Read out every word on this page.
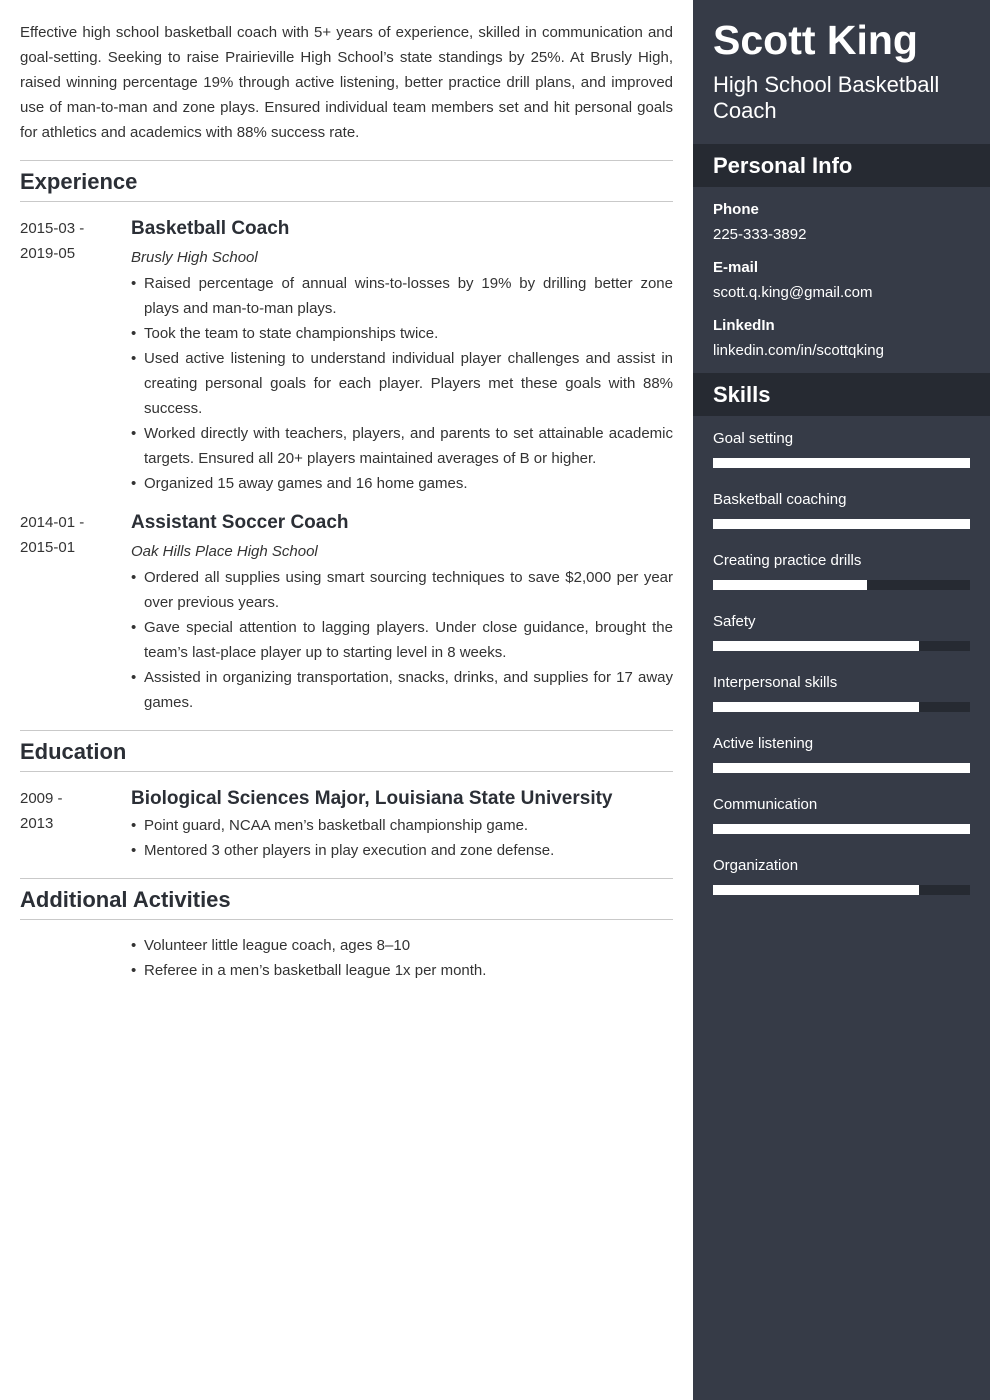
Effective high school basketball coach with 5+ years of experience, skilled in communication and goal-setting. Seeking to raise Prairieville High School’s state standings by 25%. At Brusly High, raised winning percentage 19% through active listening, better practice drill plans, and improved use of man-to-man and zone plays. Ensured individual team members set and hit personal goals for athletics and academics with 88% success rate.

Experience
2015-03 -
2019-05
Basketball Coach
Brusly High School
• Raised percentage of annual wins-to-losses by 19% by drilling better zone plays and man-to-man plays.
• Took the team to state championships twice.
• Used active listening to understand individual player challenges and assist in creating personal goals for each player. Players met these goals with 88% success.
• Worked directly with teachers, players, and parents to set attainable academic targets. Ensured all 20+ players maintained averages of B or higher.
• Organized 15 away games and 16 home games.
2014-01 -
2015-01
Assistant Soccer Coach
Oak Hills Place High School
• Ordered all supplies using smart sourcing techniques to save $2,000 per year over previous years.
• Gave special attention to lagging players. Under close guidance, brought the team’s last-place player up to starting level in 8 weeks.
• Assisted in organizing transportation, snacks, drinks, and supplies for 17 away games.
Education
2009 -
2013
Biological Sciences Major, Louisiana State University
• Point guard, NCAA men’s basketball championship game.
• Mentored 3 other players in play execution and zone defense.
Additional Activities
• Volunteer little league coach, ages 8–10
• Referee in a men’s basketball league 1x per month.
Scott King
High School Basketball Coach
Personal Info
Phone
225-333-3892
E-mail
scott.q.king@gmail.com
LinkedIn
linkedin.com/in/scottqking
Skills
Goal setting
Basketball coaching
Creating practice drills
Safety
Interpersonal skills
Active listening
Communication
Organization
